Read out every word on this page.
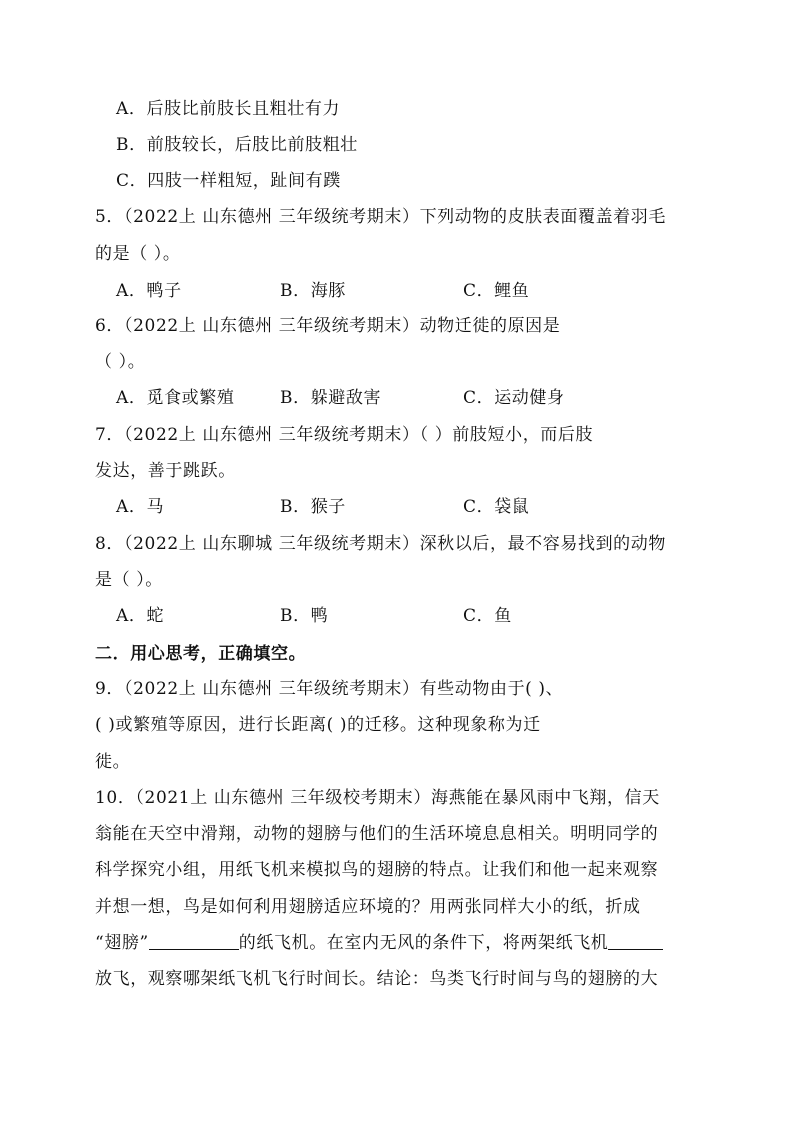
A．后肢比前肢长且粗壮有力
B．前肢较长，后肢比前肢粗壮
C．四肢一样粗短，趾间有蹼
5．（2022上 山东德州 三年级统考期末）下列动物的皮肤表面覆盖着羽毛
的是（ ）。
A．鸭子	B．海豚	C．鲤鱼
6．（2022上 山东德州 三年级统考期末）动物迁徙的原因是
（ ）。
A．觅食或繁殖	B．躲避敌害	C．运动健身
7．（2022上 山东德州 三年级统考期末）（ ）前肢短小，而后肢
发达，善于跳跃。
A．马	B．猴子	C．袋鼠
8．（2022上 山东聊城 三年级统考期末）深秋以后，最不容易找到的动物
是（ ）。
A．蛇	B．鸭	C．鱼
二．用心思考，正确填空。
9．（2022上 山东德州 三年级统考期末）有些动物由于( )、
( )或繁殖等原因，进行长距离( )的迁移。这种现象称为迁
徙。
10．（2021上 山东德州 三年级校考期末）海燕能在暴风雨中飞翔，信天
翁能在天空中滑翔，动物的翅膀与他们的生活环境息息相关。明明同学的
科学探究小组，用纸飞机来模拟鸟的翅膀的特点。让我们和他一起来观察
并想一想，鸟是如何利用翅膀适应环境的？用两张同样大小的纸，折成
“翅膀”	的纸飞机。在室内无风的条件下，将两架纸飞机
放飞，观察哪架纸飞机飞行时间长。结论：鸟类飞行时间与鸟的翅膀的大
